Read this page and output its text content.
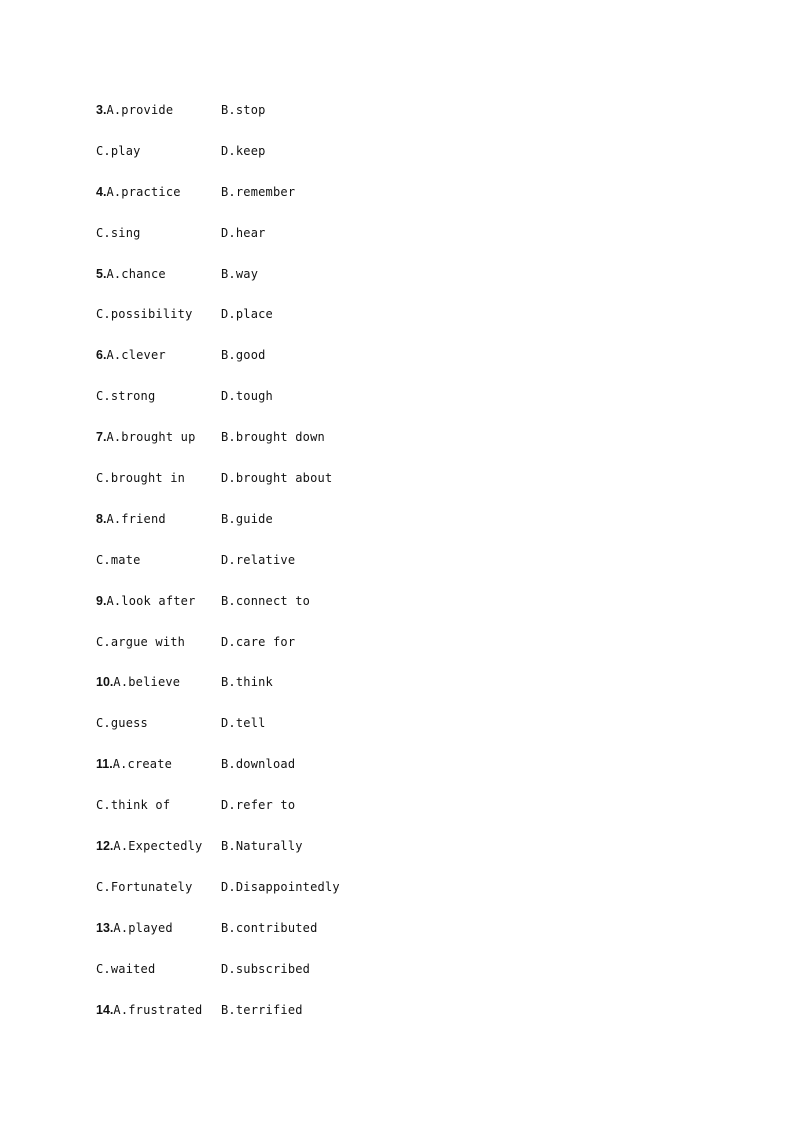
3. A.provide	B.stop
C.play	D.keep
4. A.practice	B.remember
C.sing	D.hear
5. A.chance	B.way
C.possibility D.place
6. A.clever	B.good
C.strong	D.tough
7. A.brought up B.brought down
C.brought in	D.brought about
8. A.friend	B.guide
C.mate	D.relative
9. A.look after B.connect to
C.argue with	D.care for
10. A.believe	B.think
C.guess	D.tell
11. A.create	B.download
C.think of	D.refer to
12. A.Expectedly B.Naturally
C.Fortunately D.Disappointedly
13. A.played	B.contributed
C.waited	D.subscribed
14. A.frustrated B.terrified
